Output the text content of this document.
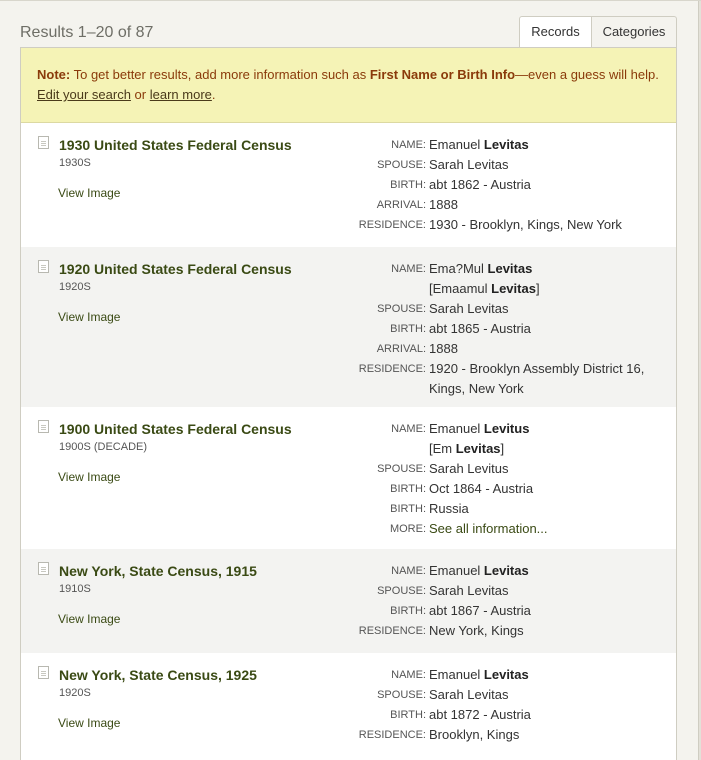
Results 1–20 of 87	Records	Categories
Note: To get better results, add more information such as First Name or Birth Info—even a guess will help. Edit your search or learn more.
1930 United States Federal Census
1930S
View Image
NAME: Emanuel Levitas
SPOUSE: Sarah Levitas
BIRTH: abt 1862 - Austria
ARRIVAL: 1888
RESIDENCE: 1930 - Brooklyn, Kings, New York
1920 United States Federal Census
1920S
View Image
NAME: Ema?Mul Levitas
[Emaamul Levitas]
SPOUSE: Sarah Levitas
BIRTH: abt 1865 - Austria
ARRIVAL: 1888
RESIDENCE: 1920 - Brooklyn Assembly District 16,
Kings, New York
1900 United States Federal Census
1900S (DECADE)
View Image
NAME: Emanuel Levitus
[Em Levitas]
SPOUSE: Sarah Levitus
BIRTH: Oct 1864 - Austria
BIRTH: Russia
MORE: See all information...
New York, State Census, 1915
1910S
View Image
NAME: Emanuel Levitas
SPOUSE: Sarah Levitas
BIRTH: abt 1867 - Austria
RESIDENCE: New York, Kings
New York, State Census, 1925
1920S
View Image
NAME: Emanuel Levitas
SPOUSE: Sarah Levitas
BIRTH: abt 1872 - Austria
RESIDENCE: Brooklyn, Kings
